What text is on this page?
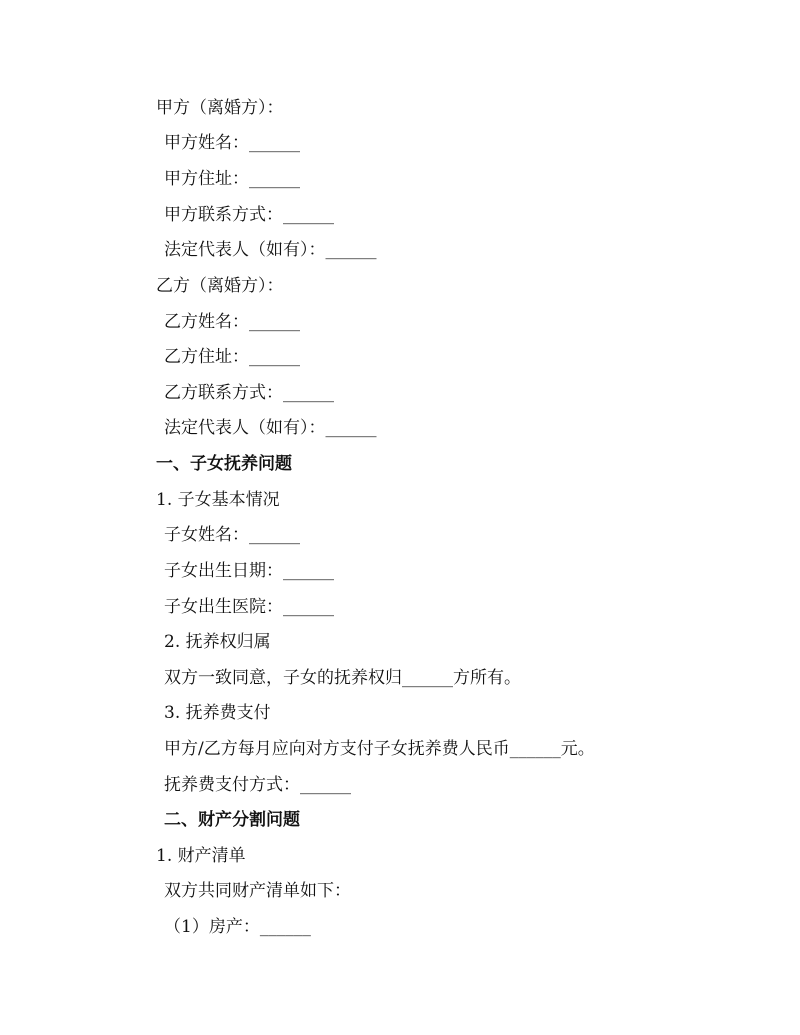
甲方（离婚方）：
甲方姓名：______
甲方住址：______
甲方联系方式：______
法定代表人（如有）：______
乙方（离婚方）：
乙方姓名：______
乙方住址：______
乙方联系方式：______
法定代表人（如有）：______
一、子女抚养问题
1. 子女基本情况
子女姓名：______
子女出生日期：______
子女出生医院：______
2. 抚养权归属
双方一致同意，子女的抚养权归______方所有。
3. 抚养费支付
甲方/乙方每月应向对方支付子女抚养费人民币______元。
抚养费支付方式：______
二、财产分割问题
1. 财产清单
双方共同财产清单如下：
（1）房产：______
